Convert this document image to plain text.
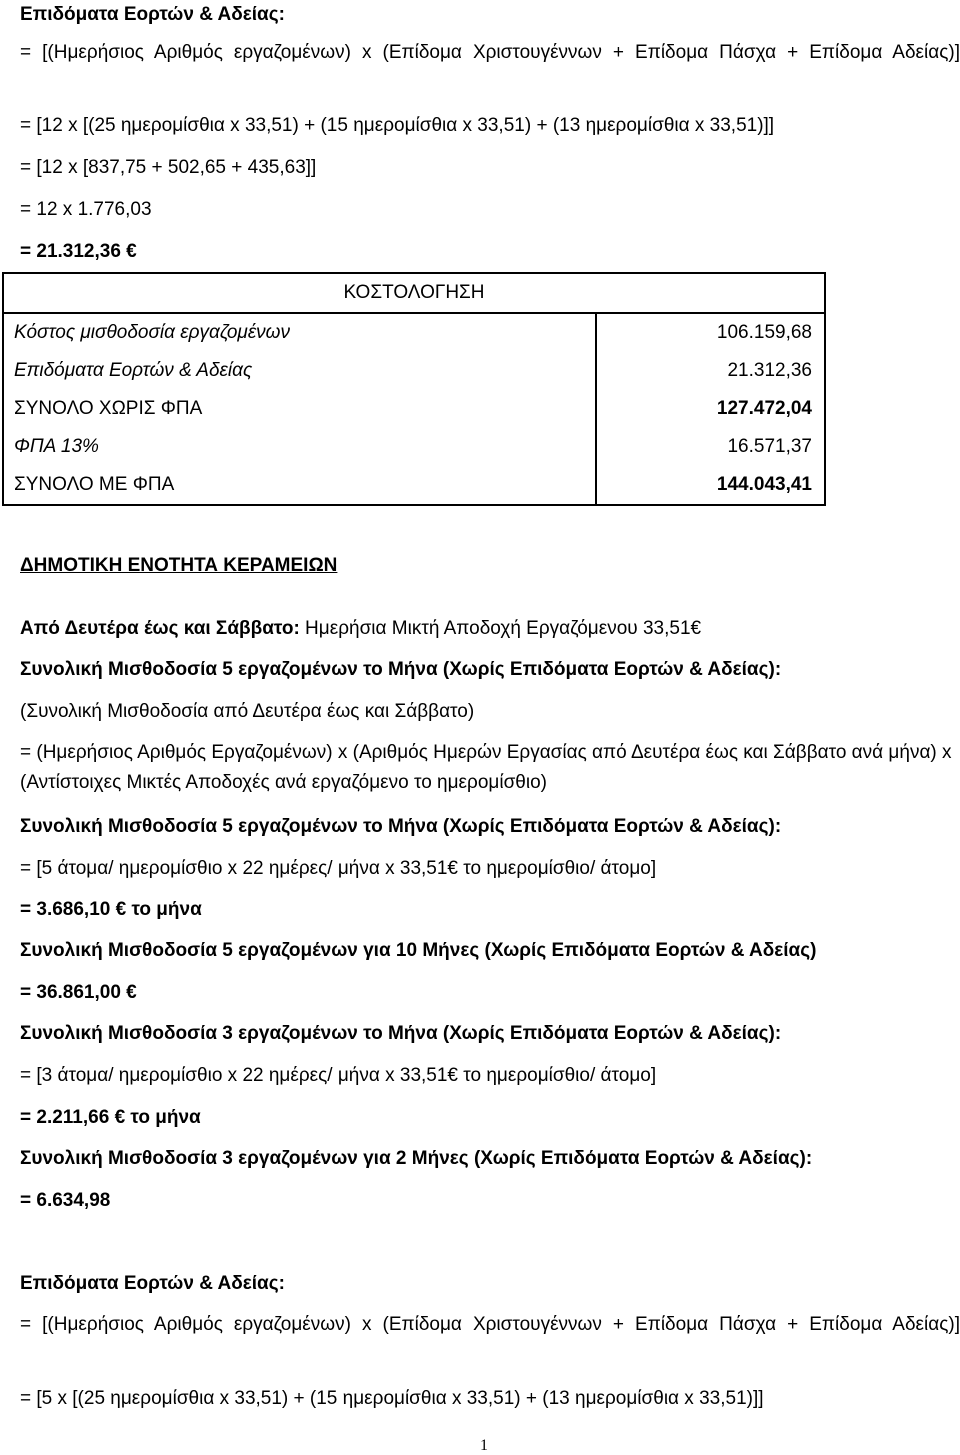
Επιδόματα Εορτών & Αδείας:
= [(Ημερήσιος Αριθμός εργαζομένων) x (Επίδομα Χριστουγέννων + Επίδομα Πάσχα + Επίδομα Αδείας)]
= [12 x [(25 ημερομίσθια x 33,51) + (15 ημερομίσθια x 33,51) + (13 ημερομίσθια x 33,51)]]
= [12 x [837,75 + 502,65 + 435,63]]
= 12 x 1.776,03
= 21.312,36 €
ΚΟΣΤΟΛΟΓΗΣΗ	
Κόστος μισθοδοσία εργαζομένων	106.159,68
Επιδόματα Εορτών & Αδείας	21.312,36
ΣΥΝΟΛΟ ΧΩΡΙΣ ΦΠΑ	127.472,04
ΦΠΑ 13%	16.571,37
ΣΥΝΟΛΟ ΜΕ ΦΠΑ	144.043,41
ΔΗΜΟΤΙΚΗ ΕΝΟΤΗΤΑ ΚΕΡΑΜΕΙΩΝ
Από Δευτέρα έως και Σάββατο: Ημερήσια Μικτή Αποδοχή Εργαζόμενου 33,51€
Συνολική Μισθοδοσία 5 εργαζομένων το Μήνα (Χωρίς Επιδόματα Εορτών & Αδείας):
(Συνολική Μισθοδοσία από Δευτέρα έως και Σάββατο)
= (Ημερήσιος Αριθμός Εργαζομένων) x (Αριθμός Ημερών Εργασίας από Δευτέρα έως και Σάββατο ανά μήνα) x (Αντίστοιχες Μικτές Αποδοχές ανά εργαζόμενο το ημερομίσθιο)
Συνολική Μισθοδοσία 5 εργαζομένων το Μήνα (Χωρίς Επιδόματα Εορτών & Αδείας):
= [5 άτομα/ ημερομίσθιο x 22 ημέρες/ μήνα x 33,51€ το ημερομίσθιο/ άτομο]
= 3.686,10 € το μήνα
Συνολική Μισθοδοσία 5 εργαζομένων για 10 Μήνες (Χωρίς Επιδόματα Εορτών & Αδείας)
= 36.861,00 €
Συνολική Μισθοδοσία 3 εργαζομένων το Μήνα (Χωρίς Επιδόματα Εορτών & Αδείας):
= [3 άτομα/ ημερομίσθιο x 22 ημέρες/ μήνα x 33,51€ το ημερομίσθιο/ άτομο]
= 2.211,66 € το μήνα
Συνολική Μισθοδοσία 3 εργαζομένων για 2 Μήνες (Χωρίς Επιδόματα Εορτών & Αδείας):
= 6.634,98
Επιδόματα Εορτών & Αδείας:
= [(Ημερήσιος Αριθμός εργαζομένων) x (Επίδομα Χριστουγέννων + Επίδομα Πάσχα + Επίδομα Αδείας)]
= [5 x [(25 ημερομίσθια x 33,51) + (15 ημερομίσθια x 33,51) + (13 ημερομίσθια x 33,51)]]
1
